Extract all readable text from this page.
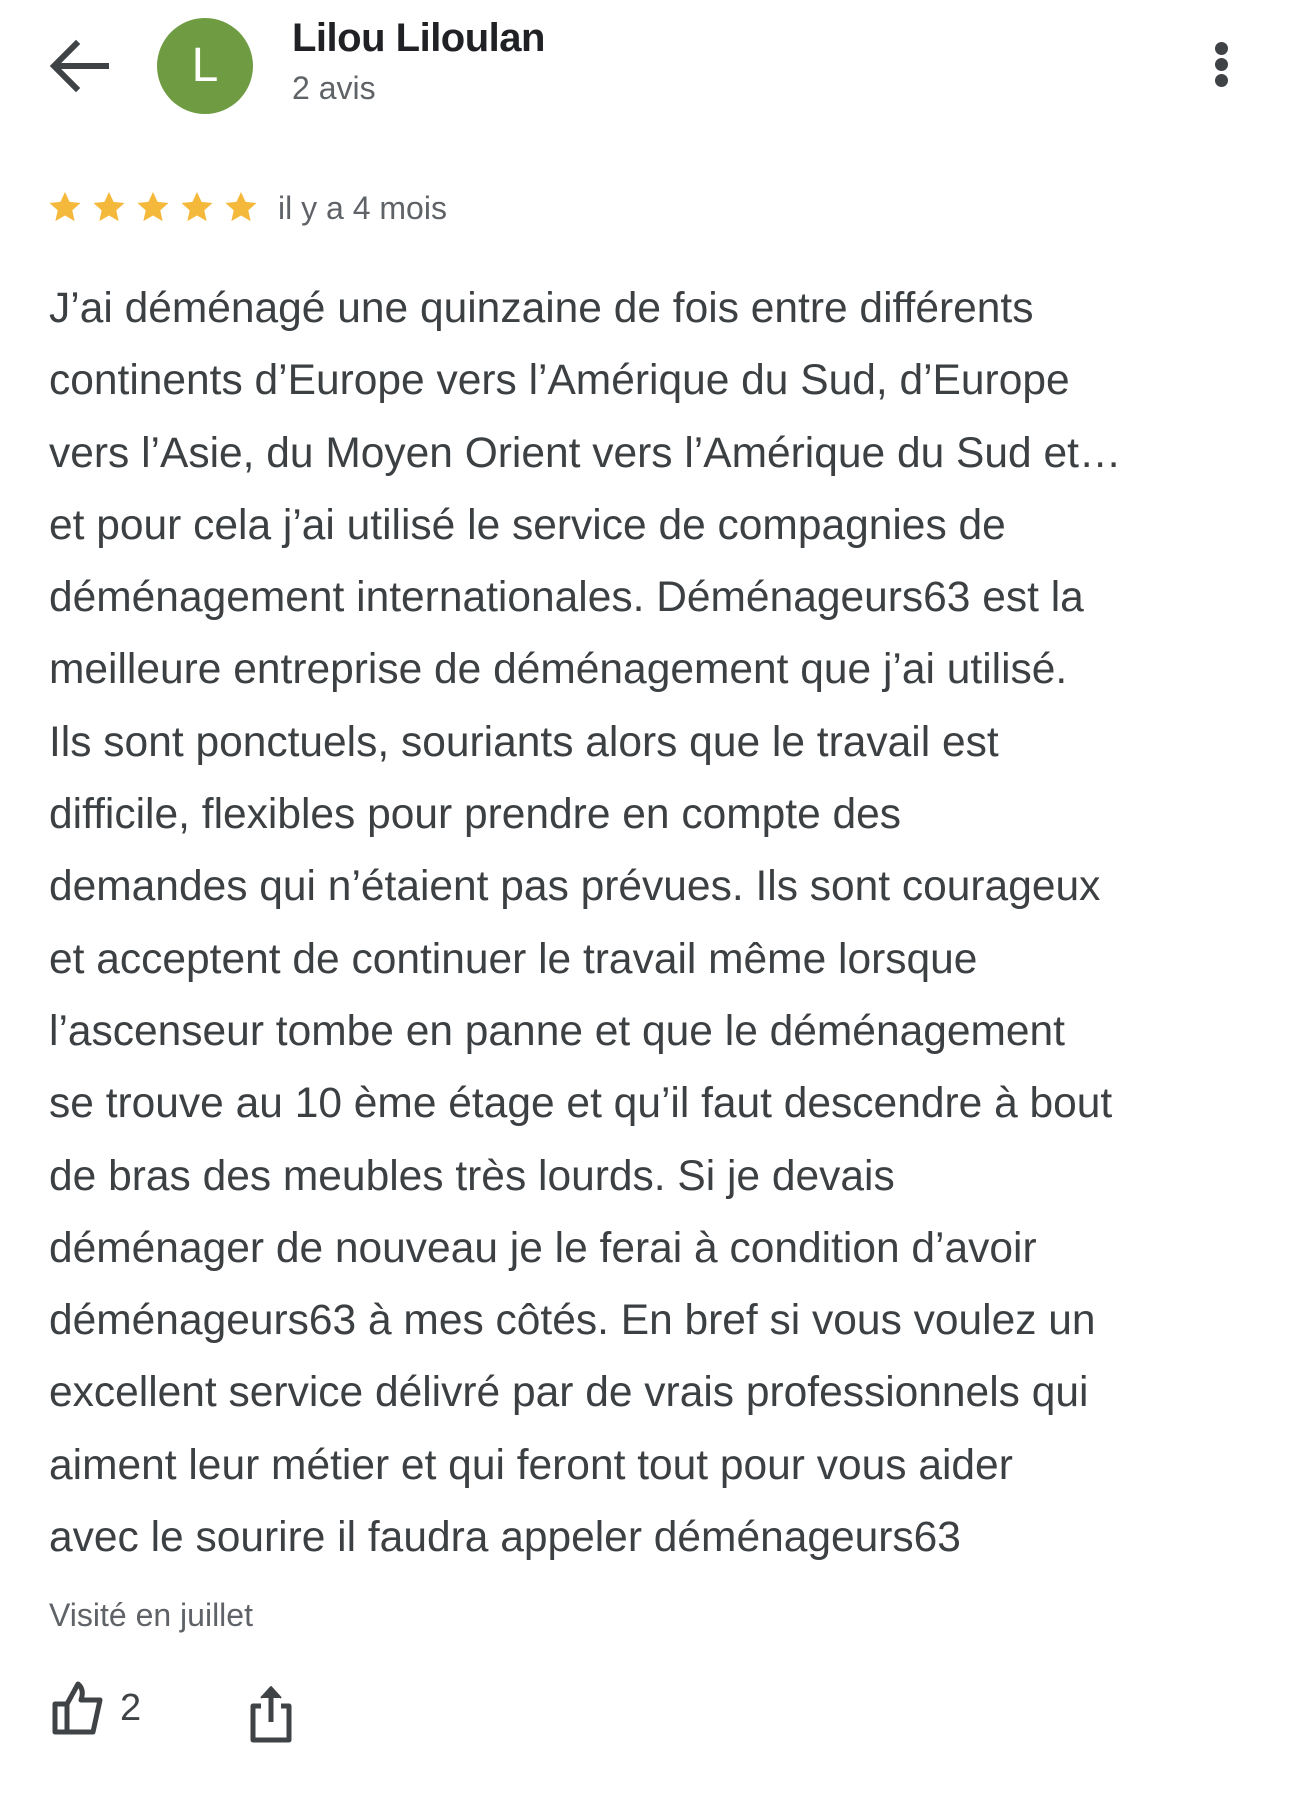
L
Lilou Liloulan
2 avis
il y a 4 mois
J’ai déménagé une quinzaine de fois entre différents
continents d’Europe vers l’Amérique du Sud, d’Europe
vers l’Asie, du Moyen Orient vers l’Amérique du Sud et…
et pour cela j’ai utilisé le service de compagnies de
déménagement internationales. Déménageurs63 est la
meilleure entreprise de déménagement que j’ai utilisé.
Ils sont ponctuels, souriants alors que le travail est
difficile, flexibles pour prendre en compte des
demandes qui n’étaient pas prévues. Ils sont courageux
et acceptent de continuer le travail même lorsque
l’ascenseur tombe en panne et que le déménagement
se trouve au 10 ème étage et qu’il faut descendre à bout
de bras des meubles très lourds. Si je devais
déménager de nouveau je le ferai à condition d’avoir
déménageurs63 à mes côtés. En bref si vous voulez un
excellent service délivré par de vrais professionnels qui
aiment leur métier et qui feront tout pour vous aider
avec le sourire il faudra appeler déménageurs63
Visité en juillet
2
